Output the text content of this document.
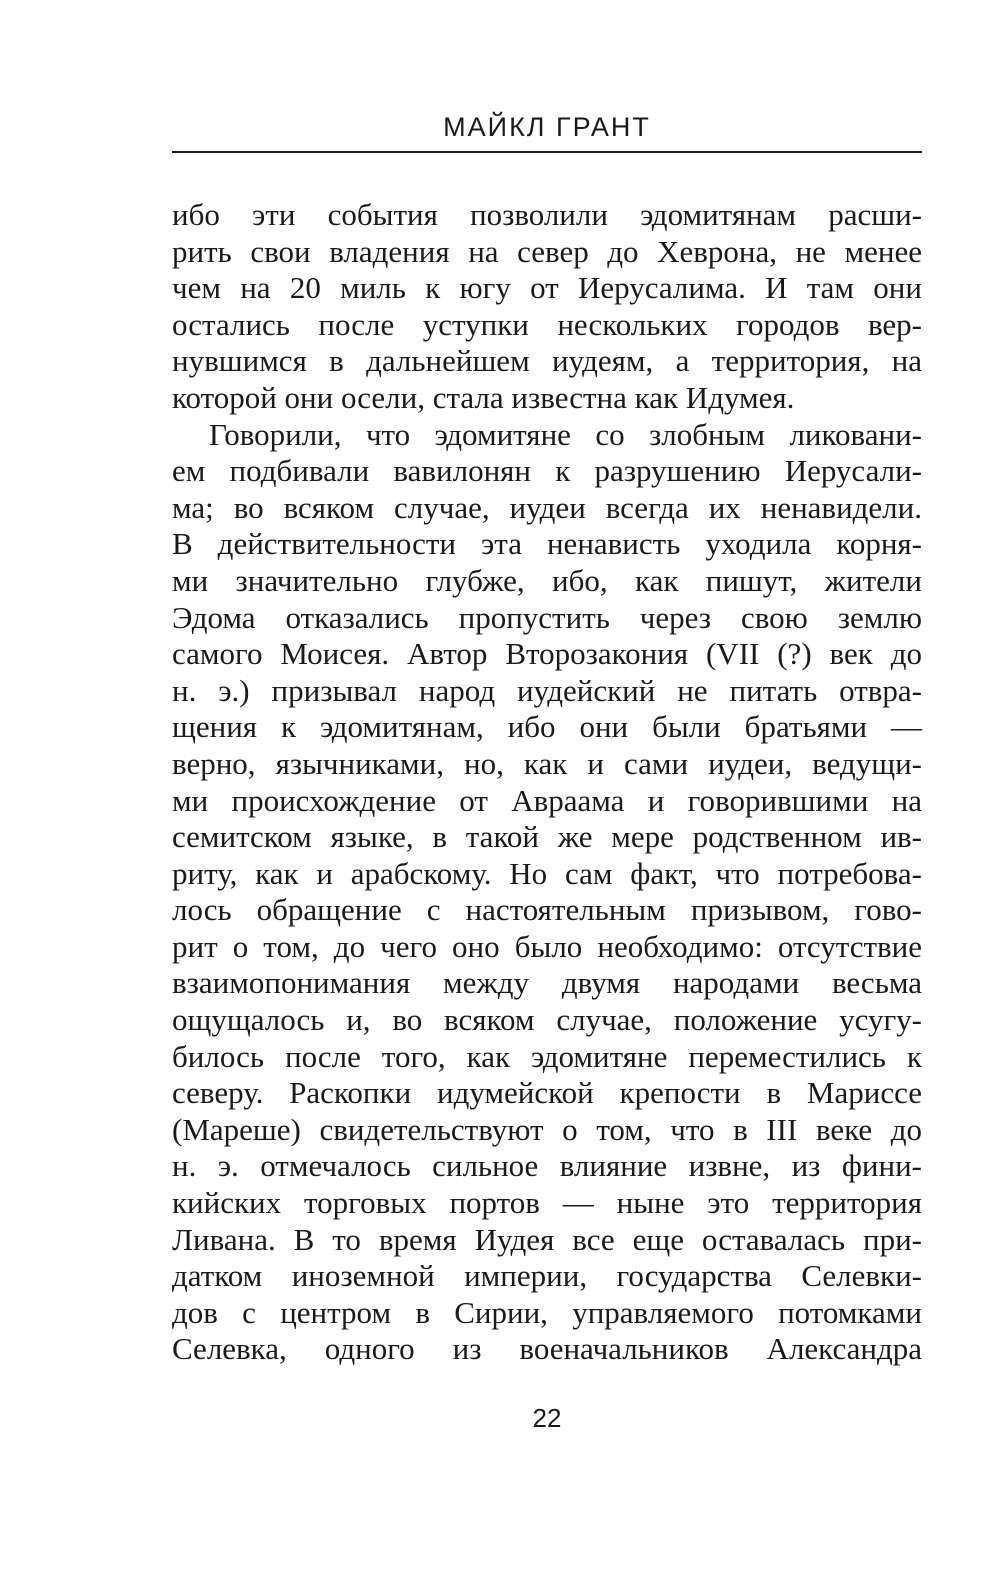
МАЙКЛ ГРАНТ
ибо эти события позволили эдомитянам расши-
рить свои владения на север до Хеврона, не менее
чем на 20 миль к югу от Иерусалима. И там они
остались после уступки нескольких городов вер-
нувшимся в дальнейшем иудеям, а территория, на
которой они осели, стала известна как Идумея.
Говорили, что эдомитяне со злобным ликовани-
ем подбивали вавилонян к разрушению Иерусали-
ма; во всяком случае, иудеи всегда их ненавидели.
В действительности эта ненависть уходила корня-
ми значительно глубже, ибо, как пишут, жители
Эдома отказались пропустить через свою землю
самого Моисея. Автор Второзакония (VII (?) век до
н. э.) призывал народ иудейский не питать отвра-
щения к эдомитянам, ибо они были братьями —
верно, язычниками, но, как и сами иудеи, ведущи-
ми происхождение от Авраама и говорившими на
семитском языке, в такой же мере родственном ив-
риту, как и арабскому. Но сам факт, что потребова-
лось обращение с настоятельным призывом, гово-
рит о том, до чего оно было необходимо: отсутствие
взаимопонимания между двумя народами весьма
ощущалось и, во всяком случае, положение усугу-
билось после того, как эдомитяне переместились к
северу. Раскопки идумейской крепости в Мариссе
(Мареше) свидетельствуют о том, что в III веке до
н. э. отмечалось сильное влияние извне, из фини-
кийских торговых портов — ныне это территория
Ливана. В то время Иудея все еще оставалась при-
датком иноземной империи, государства Селевки-
дов с центром в Сирии, управляемого потомками
Селевка, одного из военачальников Александра
22
